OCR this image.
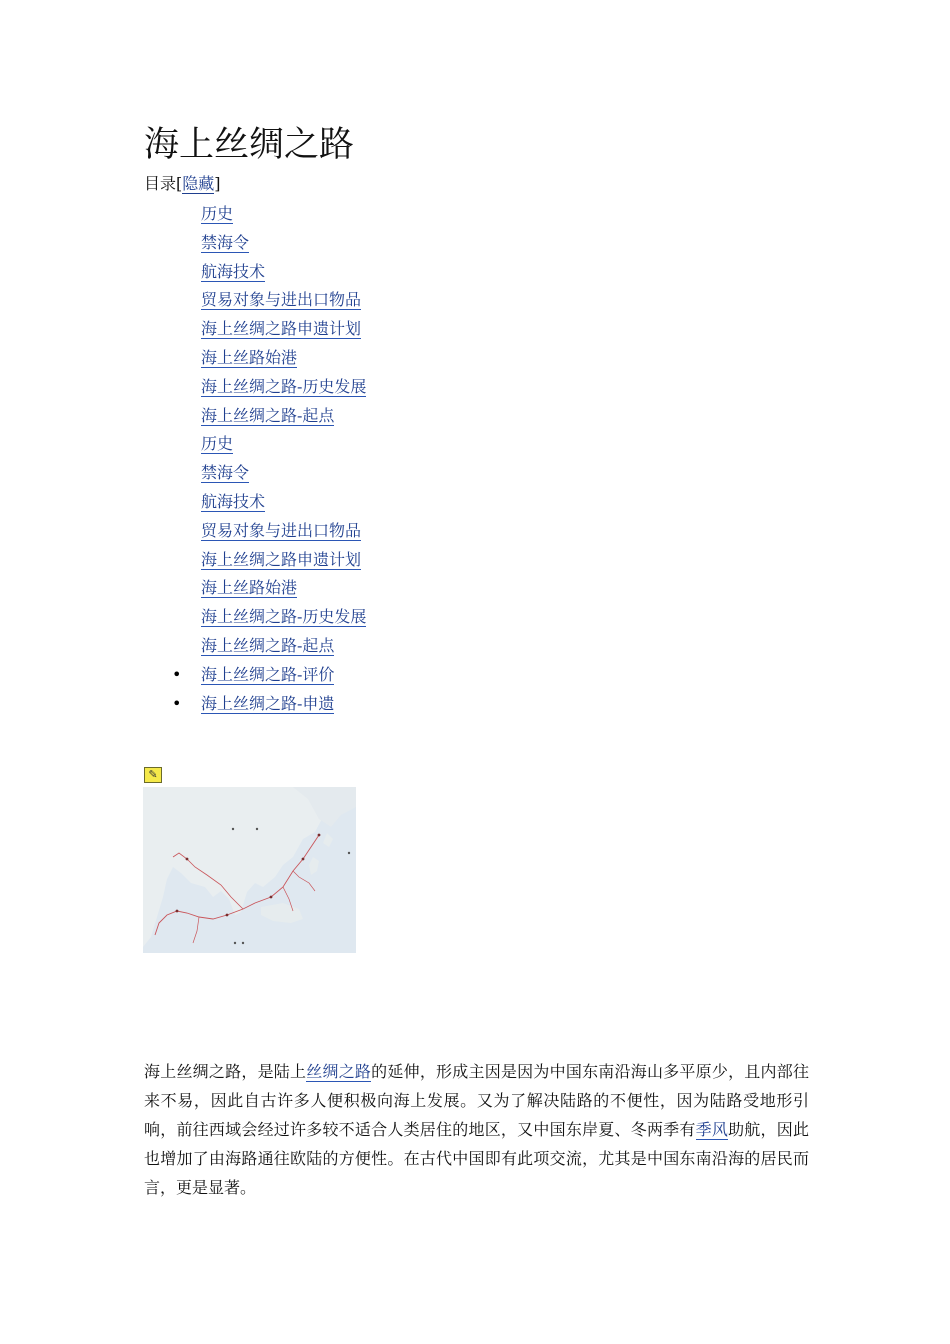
海上丝绸之路
目录[隐藏]
历史
禁海令
航海技术
贸易对象与进出口物品
海上丝绸之路申遗计划
海上丝路始港
海上丝绸之路-历史发展
海上丝绸之路-起点
历史
禁海令
航海技术
贸易对象与进出口物品
海上丝绸之路申遗计划
海上丝路始港
海上丝绸之路-历史发展
海上丝绸之路-起点
• 海上丝绸之路-评价
• 海上丝绸之路-申遗
✎

海上丝绸之路，是陆上丝绸之路的延伸，形成主因是因为中国东南沿海山多平原少，且内部往来不易，因此自古许多人便积极向海上发展。又为了解决陆路的不便性，因为陆路受地形引响，前往西域会经过许多较不适合人类居住的地区，又中国东岸夏、冬两季有季风助航，因此也增加了由海路通往欧陆的方便性。在古代中国即有此项交流，尤其是中国东南沿海的居民而言，更是显著。
